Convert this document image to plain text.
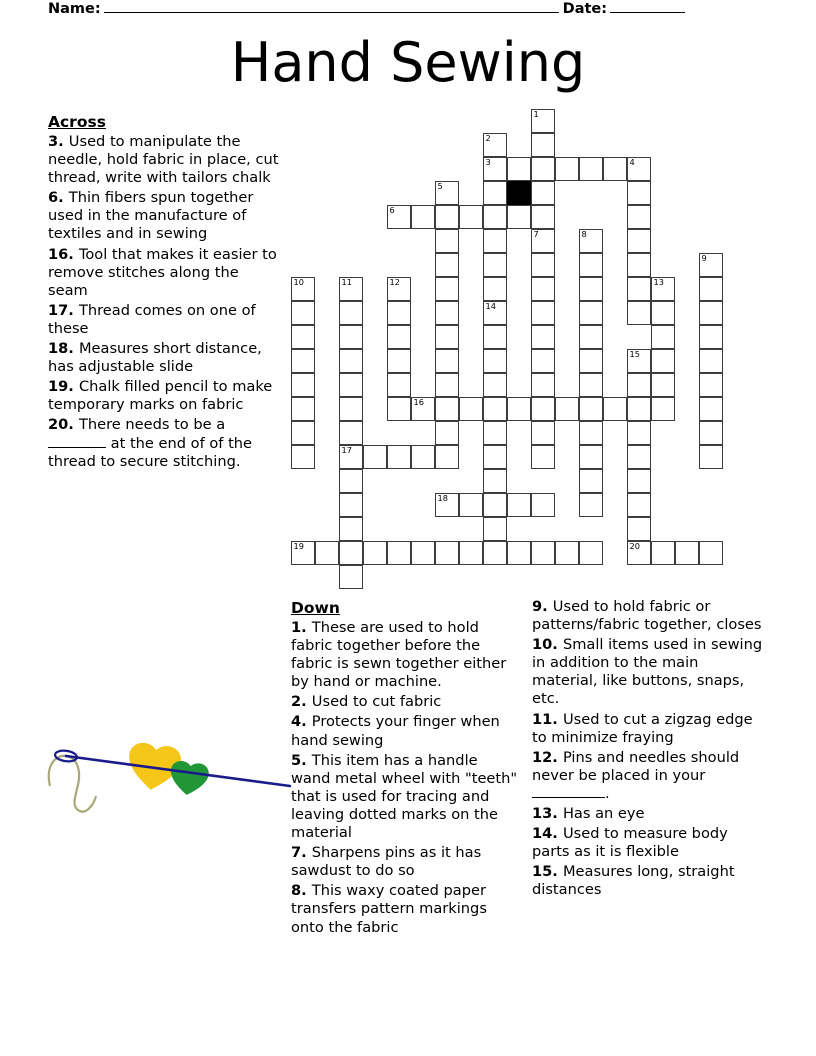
Name:	Date:
Hand Sewing
Across
3. Used to manipulate the needle, hold fabric in place, cut thread, write with tailors chalk
6. Thin fibers spun together used in the manufacture of textiles and in sewing
16. Tool that makes it easier to remove stitches along the seam
17. Thread comes on one of these
18. Measures short distance, has adjustable slide
19. Chalk filled pencil to make temporary marks on fabric
20. There needs to be a  at the end of of the thread to secure stitching.
Down
1. These are used to hold fabric together before the fabric is sewn together either by hand or machine.
2. Used to cut fabric
4. Protects your finger when hand sewing
5. This item has a handle wand metal wheel with "teeth" that is used for tracing and leaving dotted marks on the material
7. Sharpens pins as it has sawdust to do so
8. This waxy coated paper transfers pattern markings onto the fabric
9. Used to hold fabric or patterns/fabric together, closes
10. Small items used in sewing in addition to the main material, like buttons, snaps, etc.
11. Used to cut a zigzag edge to minimize fraying
12. Pins and needles should never be placed in your .
13. Has an eye
14. Used to measure body parts as it is flexible
15. Measures long, straight distances
1
2
3
14
4
5
6
7	8
9
10	11
17
12	13
15
20
16
18
19
